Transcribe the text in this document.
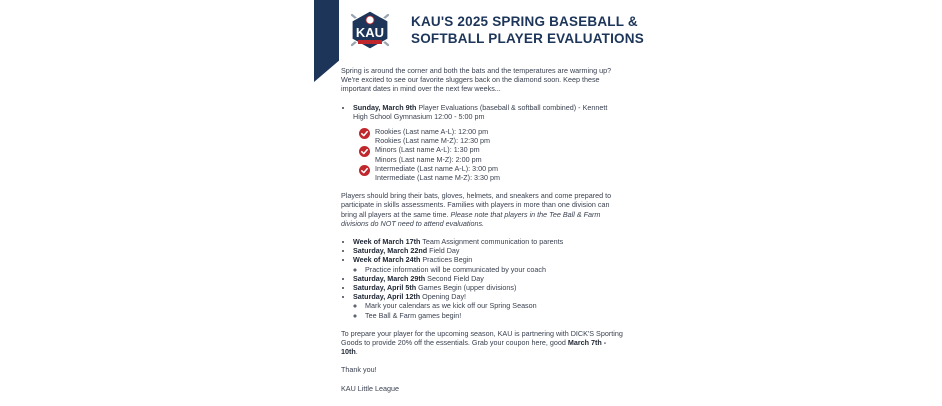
KAU
KAU'S 2025 SPRING BASEBALL & SOFTBALL PLAYER EVALUATIONS

Spring is around the corner and both the bats and the temperatures are warming up? We're excited to see our favorite sluggers back on the diamond soon. Keep these important dates in mind over the next few weeks...

• Sunday, March 9th Player Evaluations (baseball & softball combined) - Kennett High School Gymnasium 12:00 - 5:00 pm
Rookies (Last name A-L): 12:00 pm
Rookies (Last name M-Z): 12:30 pm
Minors (Last name A-L): 1:30 pm
Minors (Last name M-Z): 2:00 pm
Intermediate (Last name A-L): 3:00 pm
Intermediate (Last name M-Z): 3:30 pm

Players should bring their bats, gloves, helmets, and sneakers and come prepared to participate in skills assessments. Families with players in more than one division can bring all players at the same time. Please note that players in the Tee Ball & Farm divisions do NOT need to attend evaluations.

• Week of March 17th Team Assignment communication to parents
• Saturday, March 22nd Field Day
• Week of March 24th Practices Begin
◦ Practice information will be communicated by your coach
• Saturday, March 29th Second Field Day
• Saturday, April 5th Games Begin (upper divisions)
• Saturday, April 12th Opening Day!
◦ Mark your calendars as we kick off our Spring Season
◦ Tee Ball & Farm games begin!

To prepare your player for the upcoming season, KAU is partnering with DICK'S Sporting Goods to provide 20% off the essentials. Grab your coupon here, good March 7th - 10th.

Thank you!

KAU Little League
